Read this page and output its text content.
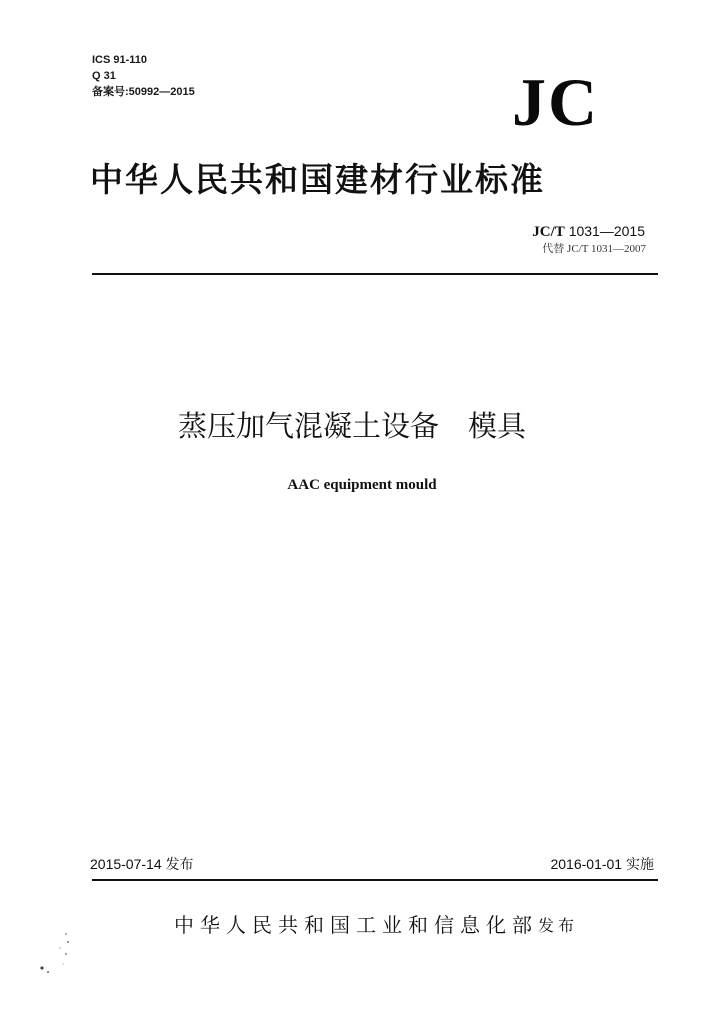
ICS 91-110
Q 31
备案号:50992—2015	JC
中华人民共和国建材行业标准
JC/T 1031—2015
代替 JC/T 1031—2007
蒸压加气混凝土设备　模具
AAC equipment mould
2015-07-14 发布	2016-01-01 实施
中华人民共和国工业和信息化部 发布
